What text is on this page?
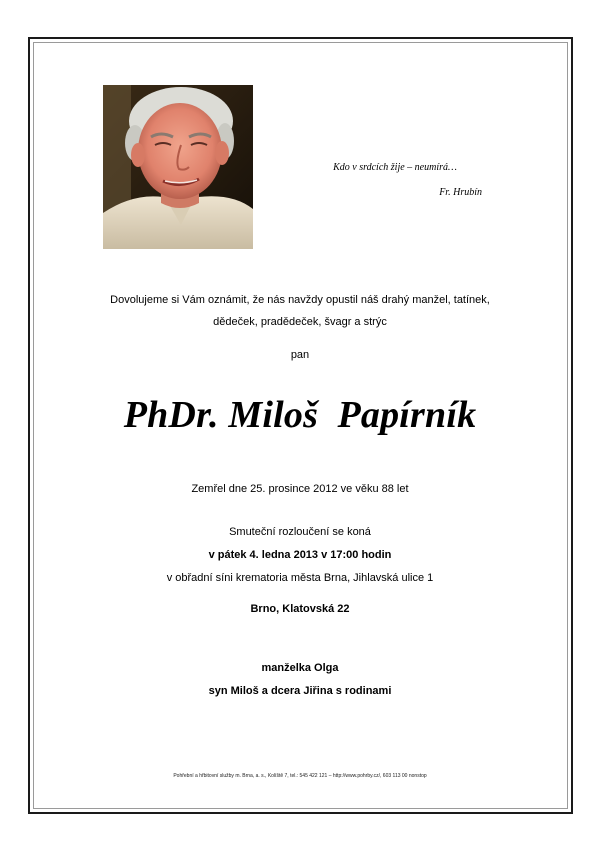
Kdo v srdcích žije – neumírá…
Fr. Hrubín
Dovolujeme si Vám oznámit, že nás navždy opustil náš drahý manžel, tatínek,
dědeček, pradědeček, švagr a strýc
pan
PhDr. Miloš  Papírník
Zemřel dne 25. prosince 2012 ve věku 88 let
Smuteční rozloučení se koná
v pátek 4. ledna 2013 v 17:00 hodin
v obřadní síni krematoria města Brna, Jihlavská ulice 1
Brno, Klatovská 22
manželka Olga
syn Miloš a dcera Jiřina s rodinami
Pohřební a hřbitovní služby m. Brna, a. s., Kolíště 7, tel.: 545 422 121 – http://www.pohrby.cz/, 603 113 00 nonstop
